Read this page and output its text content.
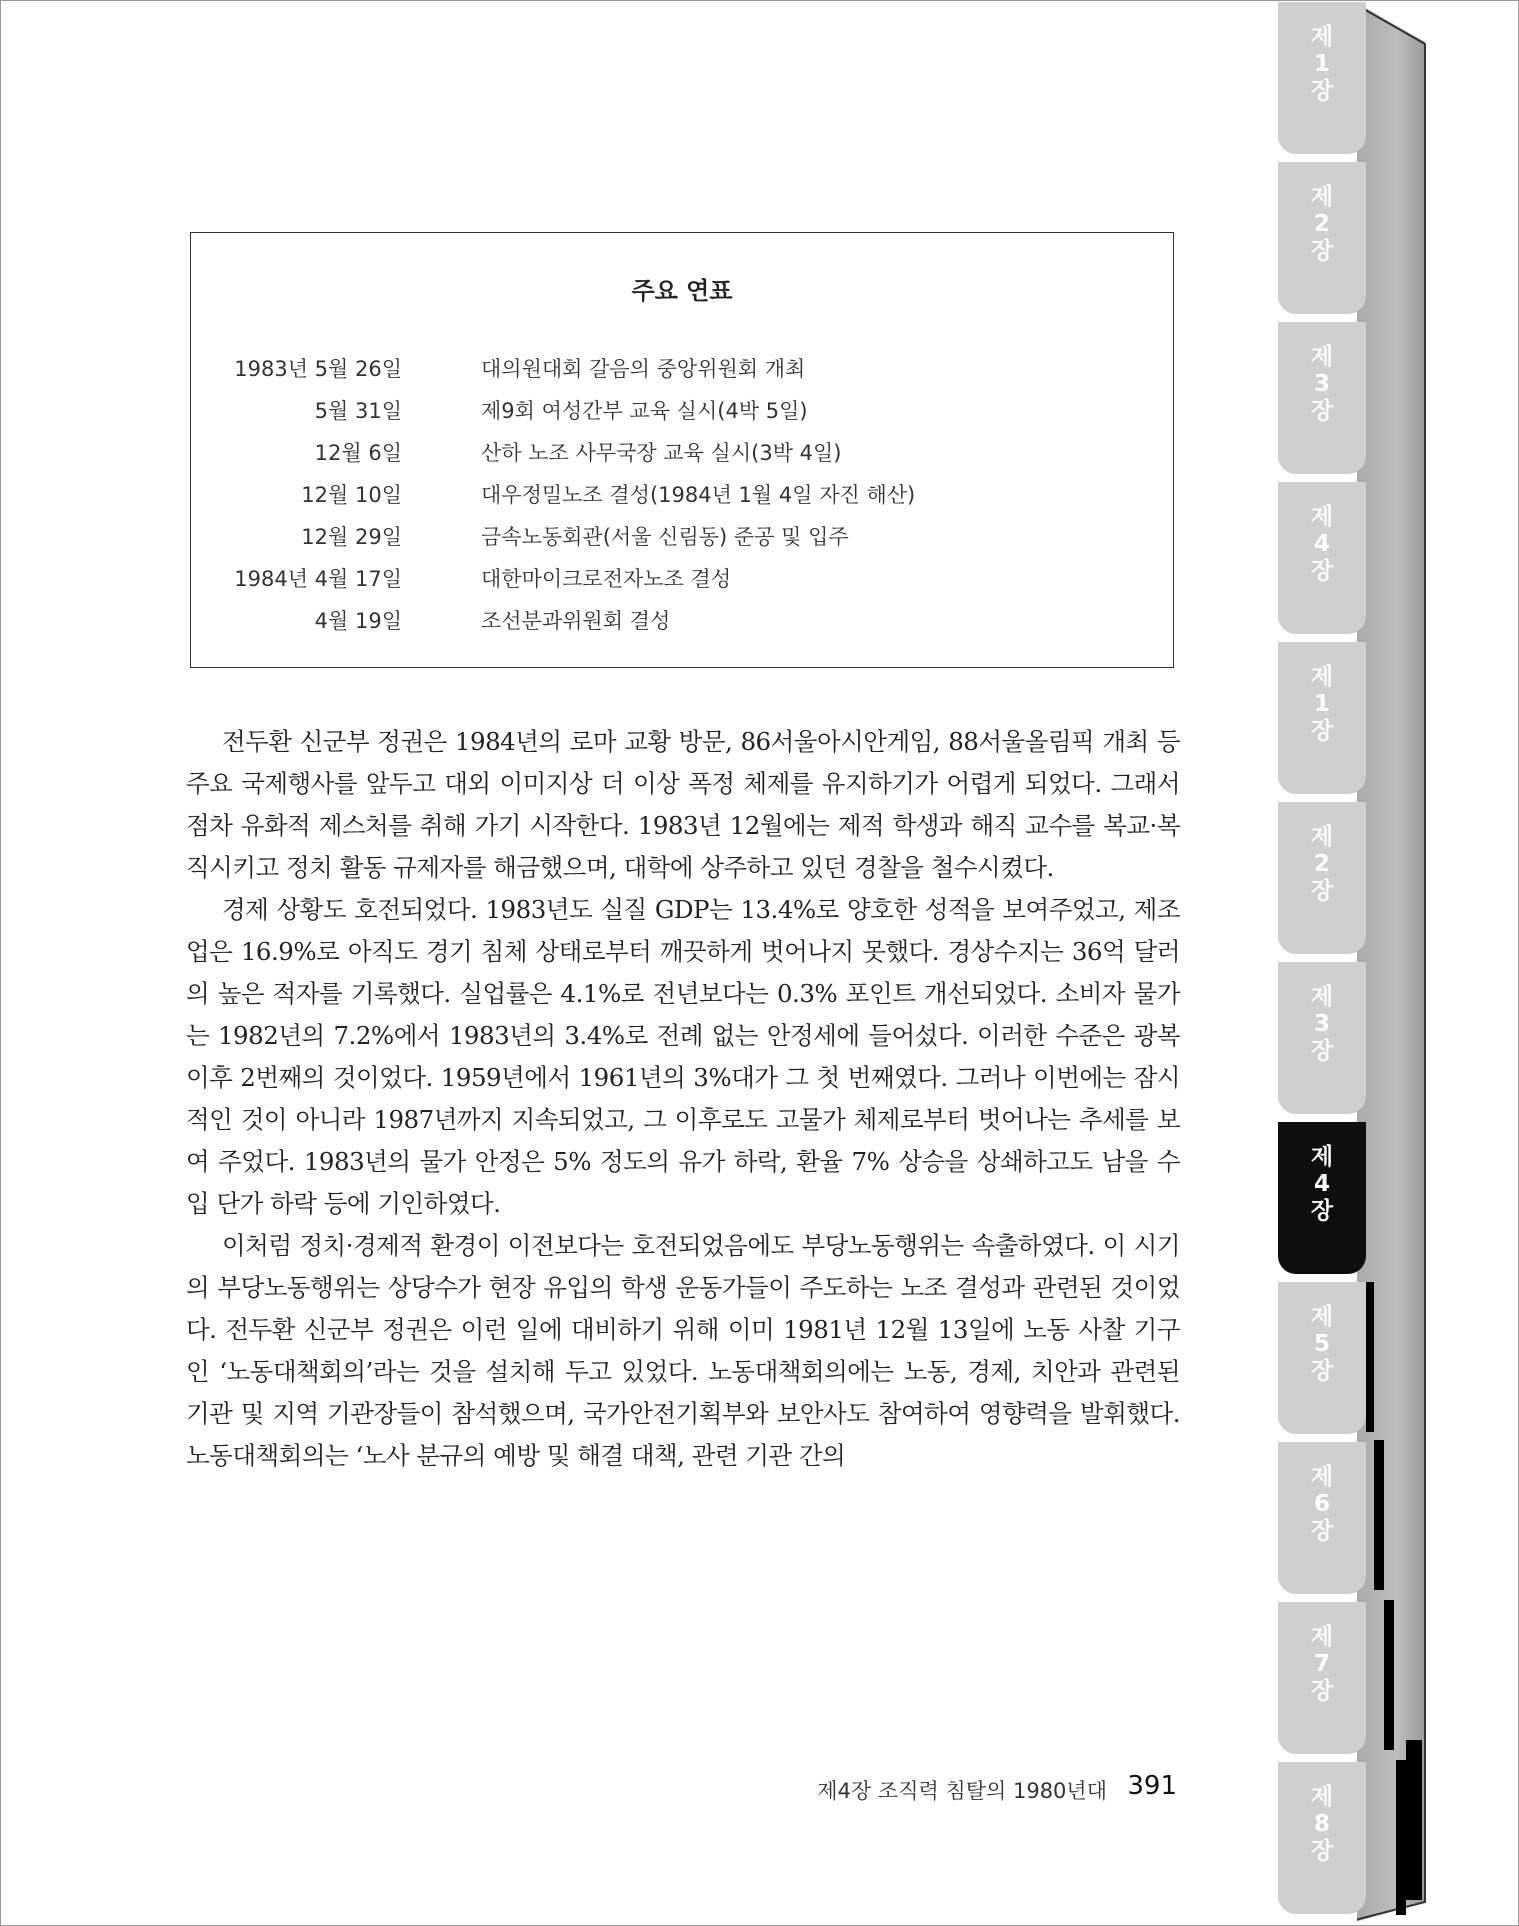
주요 연표
1983년 5월 26일	대의원대회 갈음의 중앙위원회 개최
5월 31일	제9회 여성간부 교육 실시(4박 5일)
12월 6일	산하 노조 사무국장 교육 실시(3박 4일)
12월 10일	대우정밀노조 결성(1984년 1월 4일 자진 해산)
12월 29일	금속노동회관(서울 신림동) 준공 및 입주
1984년 4월 17일	대한마이크로전자노조 결성
4월 19일	조선분과위원회 결성

전두환 신군부 정권은 1984년의 로마 교황 방문, 86서울아시안게임, 88서울올림픽 개최 등 주요 국제행사를 앞두고 대외 이미지상 더 이상 폭정 체제를 유지하기가 어렵게 되었다. 그래서 점차 유화적 제스처를 취해 가기 시작한다. 1983년 12월에는 제적 학생과 해직 교수를 복교·복직시키고 정치 활동 규제자를 해금했으며, 대학에 상주하고 있던 경찰을 철수시켰다.

경제 상황도 호전되었다. 1983년도 실질 GDP는 13.4%로 양호한 성적을 보여주었고, 제조업은 16.9%로 아직도 경기 침체 상태로부터 깨끗하게 벗어나지 못했다. 경상수지는 36억 달러의 높은 적자를 기록했다. 실업률은 4.1%로 전년보다는 0.3% 포인트 개선되었다. 소비자 물가는 1982년의 7.2%에서 1983년의 3.4%로 전례 없는 안정세에 들어섰다. 이러한 수준은 광복 이후 2번째의 것이었다. 1959년에서 1961년의 3%대가 그 첫 번째였다. 그러나 이번에는 잠시적인 것이 아니라 1987년까지 지속되었고, 그 이후로도 고물가 체제로부터 벗어나는 추세를 보여 주었다. 1983년의 물가 안정은 5% 정도의 유가 하락, 환율 7% 상승을 상쇄하고도 남을 수입 단가 하락 등에 기인하였다.

이처럼 정치·경제적 환경이 이전보다는 호전되었음에도 부당노동행위는 속출하였다. 이 시기의 부당노동행위는 상당수가 현장 유입의 학생 운동가들이 주도하는 노조 결성과 관련된 것이었다. 전두환 신군부 정권은 이런 일에 대비하기 위해 이미 1981년 12월 13일에 노동 사찰 기구인 ‘노동대책회의’라는 것을 설치해 두고 있었다. 노동대책회의에는 노동, 경제, 치안과 관련된 기관 및 지역 기관장들이 참석했으며, 국가안전기획부와 보안사도 참여하여 영향력을 발휘했다. 노동대책회의는 ‘노사 분규의 예방 및 해결 대책, 관련 기관 간의

제4장 조직력 침탈의 1980년대 391
제
1
장
제
2
장
제
3
장
제
4
장
제
1
장
제
2
장
제
3
장
제
4
장
제
5
장
제
6
장
제
7
장
제
8
장
